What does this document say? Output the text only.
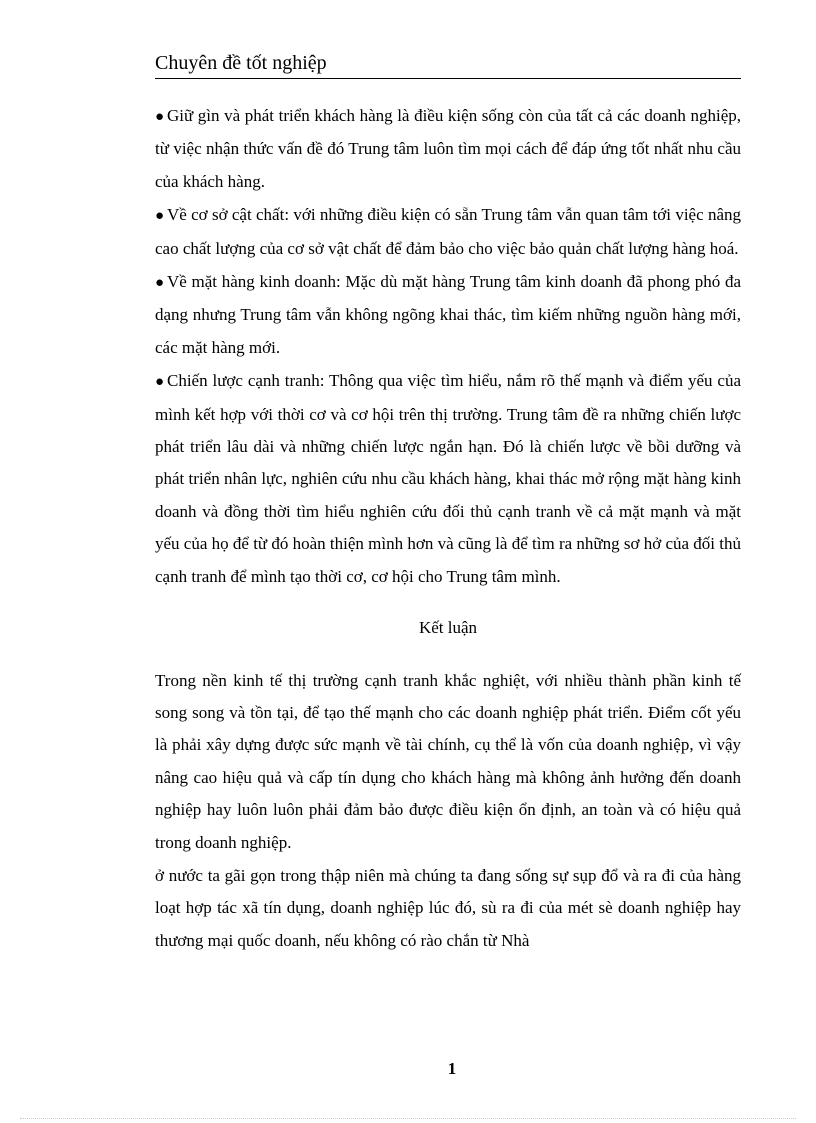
Chuyên đề tốt nghiệp

● Giữ gìn và phát triển khách hàng là điều kiện sống còn của tất cả các doanh nghiệp, từ việc nhận thức vấn đề đó Trung tâm luôn tìm mọi cách để đáp ứng tốt nhất nhu cầu của khách hàng.

● Về cơ sở cật chất: với những điều kiện có sẵn Trung tâm vẫn quan tâm tới việc nâng cao chất lượng của cơ sở vật chất để đảm bảo cho việc bảo quản chất lượng hàng hoá.

● Về mặt hàng kinh doanh: Mặc dù mặt hàng Trung tâm kinh doanh đã phong phó đa dạng nhưng Trung tâm vẫn không ngõng khai thác, tìm kiếm những nguồn hàng mới, các mặt hàng mới.

● Chiến lược cạnh tranh: Thông qua việc tìm hiểu, nắm rõ thế mạnh và điểm yếu của mình kết hợp với thời cơ và cơ hội trên thị trường. Trung tâm đề ra những chiến lược phát triển lâu dài và những chiến lược ngắn hạn. Đó là chiến lược về bồi dưỡng và phát triển nhân lực, nghiên cứu nhu cầu khách hàng, khai thác mở rộng mặt hàng kinh doanh và đồng thời tìm hiểu nghiên cứu đối thủ cạnh tranh về cả mặt mạnh và mặt yếu của họ để từ đó hoàn thiện mình hơn và cũng là để tìm ra những sơ hở của đối thủ cạnh tranh để mình tạo thời cơ, cơ hội cho Trung tâm mình.

Kết luận

Trong nền kinh tế thị trường cạnh tranh khắc nghiệt, với nhiều thành phần kinh tế song song và tồn tại, để tạo thế mạnh cho các doanh nghiệp phát triển. Điểm cốt yếu là phải xây dựng được sức mạnh về tài chính, cụ thể là vốn của doanh nghiệp, vì vậy nâng cao hiệu quả và cấp tín dụng cho khách hàng mà không ảnh hưởng đến doanh nghiệp hay luôn luôn phải đảm bảo được điều kiện ổn định, an toàn và có hiệu quả trong doanh nghiệp.

ở nước ta gãi gọn trong thập niên mà chúng ta đang sống sự sụp đổ và ra đi của hàng loạt hợp tác xã tín dụng, doanh nghiệp lúc đó, sù ra đi của mét sè doanh nghiệp hay thương mại quốc doanh, nếu không có rào chắn từ Nhà

1
